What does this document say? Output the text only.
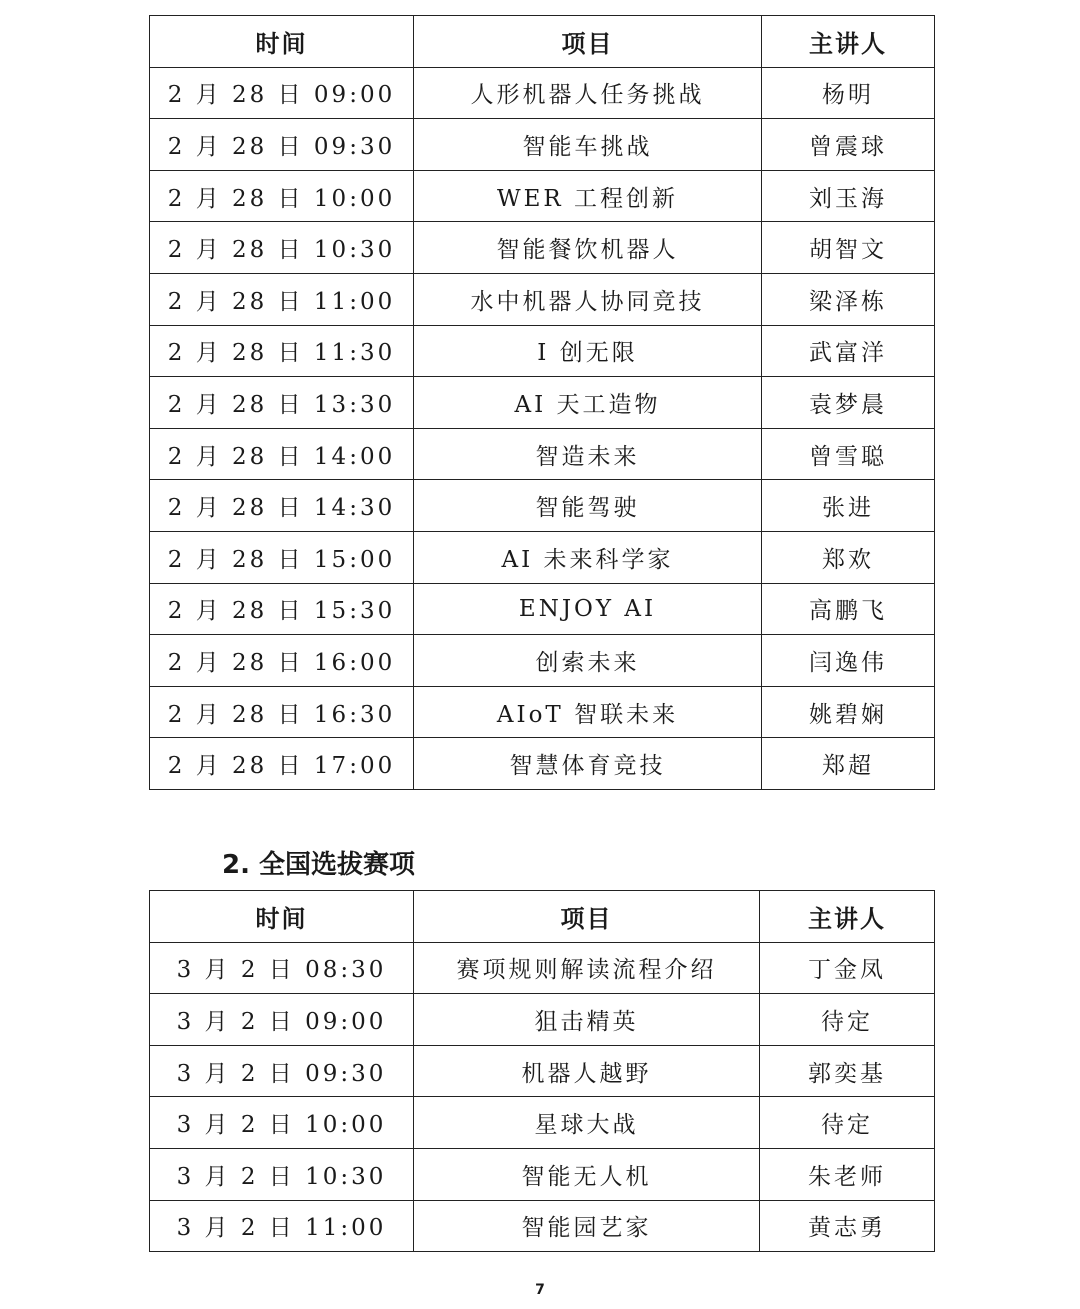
时间	项目	主讲人
2 月 28 日 09:00	人形机器人任务挑战	杨明
2 月 28 日 09:30	智能车挑战	曾震球
2 月 28 日 10:00	WER 工程创新	刘玉海
2 月 28 日 10:30	智能餐饮机器人	胡智文
2 月 28 日 11:00	水中机器人协同竞技	梁泽栋
2 月 28 日 11:30	I 创无限	武富洋
2 月 28 日 13:30	AI 天工造物	袁梦晨
2 月 28 日 14:00	智造未来	曾雪聪
2 月 28 日 14:30	智能驾驶	张进
2 月 28 日 15:00	AI 未来科学家	郑欢
2 月 28 日 15:30	ENJOY AI	高鹏飞
2 月 28 日 16:00	创索未来	闫逸伟
2 月 28 日 16:30	AIoT 智联未来	姚碧娴
2 月 28 日 17:00	智慧体育竞技	郑超
2. 全国选拔赛项
时间	项目	主讲人
3 月 2 日 08:30	赛项规则解读流程介绍	丁金凤
3 月 2 日 09:00	狙击精英	待定
3 月 2 日 09:30	机器人越野	郭奕基
3 月 2 日 10:00	星球大战	待定
3 月 2 日 10:30	智能无人机	朱老师
3 月 2 日 11:00	智能园艺家	黄志勇
7
